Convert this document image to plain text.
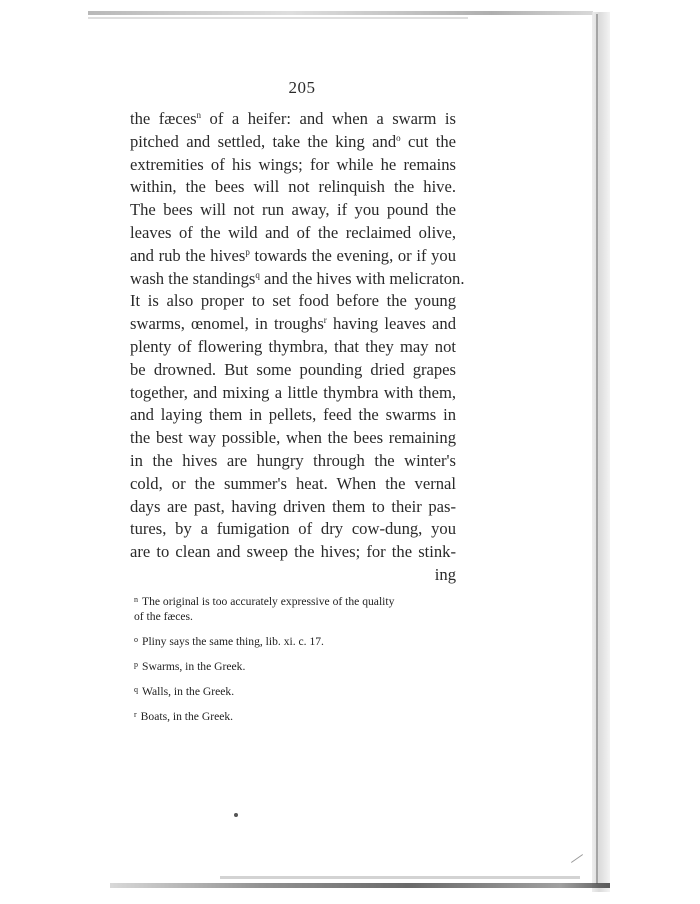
205
the fæces$^n$ of a heifer: and when a swarm is
pitched and settled, take the king and$^o$ cut the
extremities of his wings; for while he remains
within, the bees will not relinquish the hive.
The bees will not run away, if you pound the
leaves of the wild and of the reclaimed olive,
and rub the hives$^p$ towards the evening, or if you
wash the standings$^q$ and the hives with melicraton.
It is also proper to set food before the young
swarms, œnomel, in troughs$^r$ having leaves and
plenty of flowering thymbra, that they may not
be drowned. But some pounding dried grapes
together, and mixing a little thymbra with them,
and laying them in pellets, feed the swarms in
the best way possible, when the bees remaining
in the hives are hungry through the winter's
cold, or the summer's heat. When the vernal
days are past, having driven them to their pas-
tures, by a fumigation of dry cow-dung, you
are to clean and sweep the hives; for the stink-
ing

$^n$ The original is too accurately expressive of the quality
of the fæces.
$^o$ Pliny says the same thing, lib. xi. c. 17.
$^p$ Swarms, in the Greek.
$^q$ Walls, in the Greek.
$^r$ Boats, in the Greek.
